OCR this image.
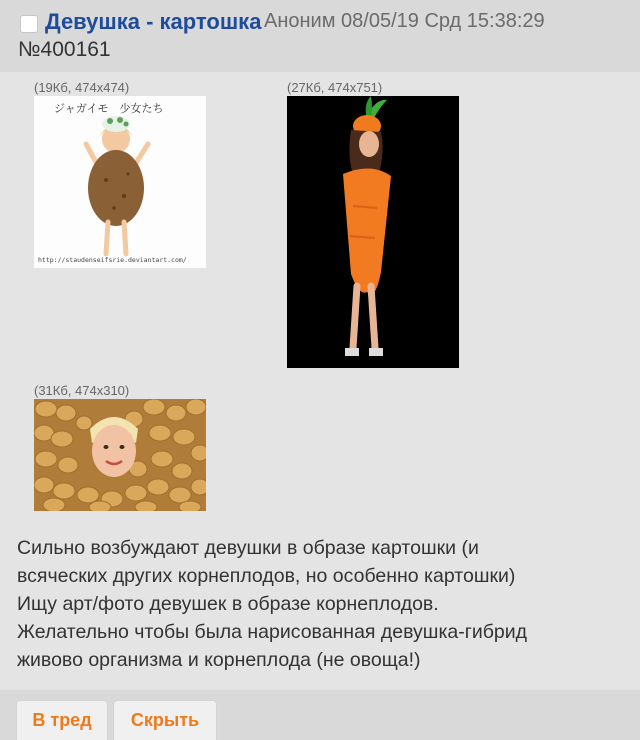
Девушка - картошка Аноним 08/05/19 Срд 15:38:29
№400161
(19Кб, 474x474)
ジャガイモ　少女たち
http://staudenseifsrie.deviantart.com/
(27Кб, 474x751)
(31Кб, 474x310)
Сильно возбуждают девушки в образе картошки (и
всяческих других корнеплодов, но особенно картошки)
Ищу арт/фото девушек в образе корнеплодов.
Желательно чтобы была нарисованная девушка-гибрид
живово организма и корнеплода (не овоща!)
В тред	Скрыть
